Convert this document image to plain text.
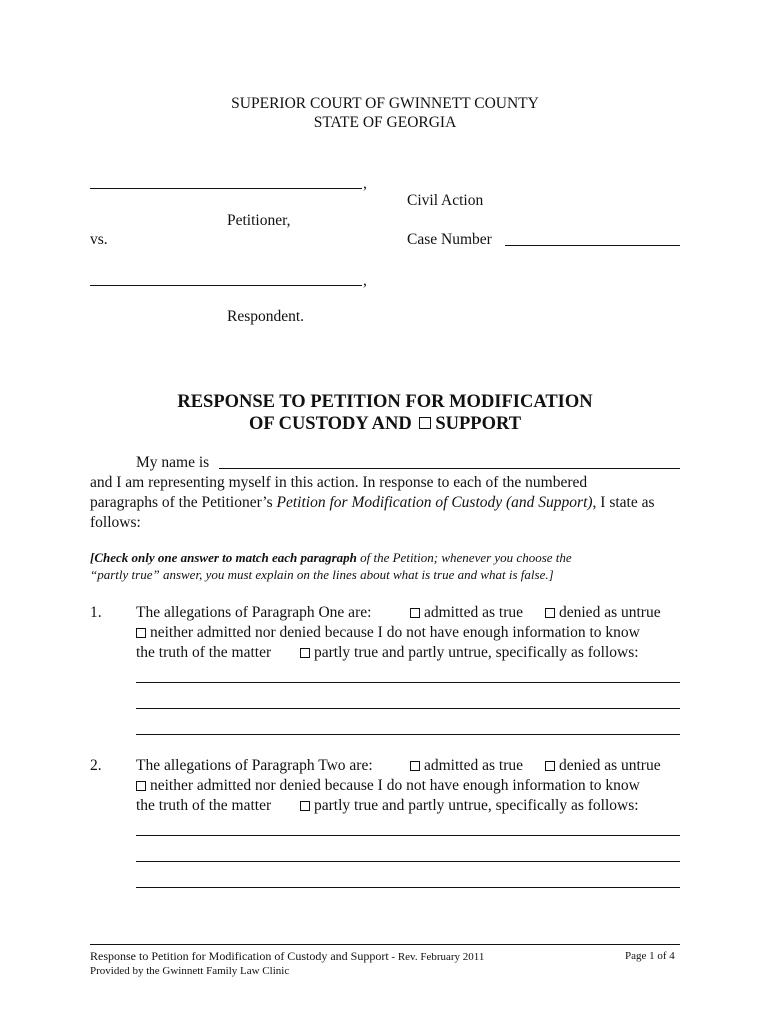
SUPERIOR COURT OF GWINNETT COUNTY
STATE OF GEORGIA
,
Civil Action
Petitioner,
vs.	Case Number
,
Respondent.
RESPONSE TO PETITION FOR MODIFICATION
OF CUSTODY AND SUPPORT
My name is
and I am representing myself in this action. In response to each of the numbered
paragraphs of the Petitioner’s Petition for Modification of Custody (and Support), I state as
follows:
[Check only one answer to match each paragraph of the Petition; whenever you choose the
“partly true” answer, you must explain on the lines about what is true and what is false.]
1. The allegations of Paragraph One are:	admitted as true	denied as untrue
neither admitted nor denied because I do not have enough information to know
the truth of the matter	partly true and partly untrue, specifically as follows:
2. The allegations of Paragraph Two are:	admitted as true	denied as untrue
neither admitted nor denied because I do not have enough information to know
the truth of the matter	partly true and partly untrue, specifically as follows:
Response to Petition for Modification of Custody and Support - Rev. February 2011	Page 1 of 4
Provided by the Gwinnett Family Law Clinic
